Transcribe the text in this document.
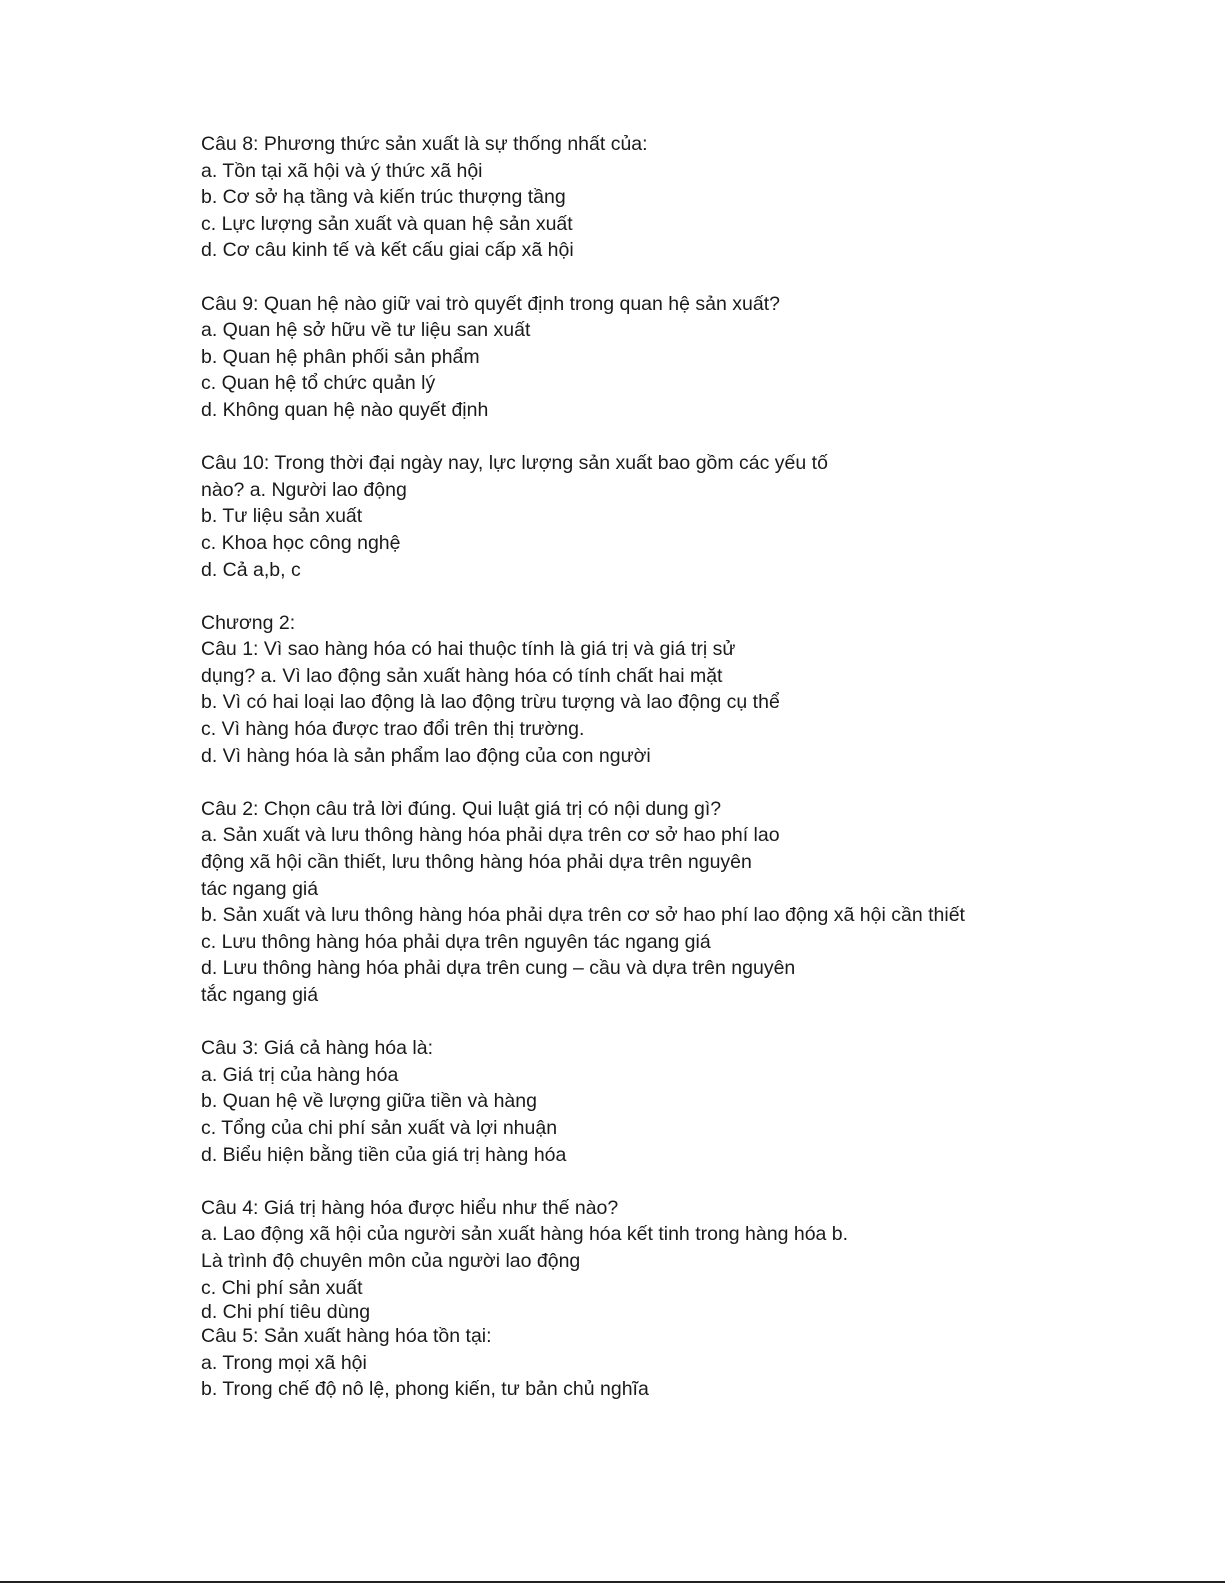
Câu 8: Phương thức sản xuất là sự thống nhất của:

a. Tồn tại xã hội và ý thức xã hội

b. Cơ sở hạ tầng và kiến trúc thượng tầng

c. Lực lượng sản xuất và quan hệ sản xuất

d. Cơ câu kinh tế và kết cấu giai cấp xã hội

Câu 9: Quan hệ nào giữ vai trò quyết định trong quan hệ sản xuất?

a. Quan hệ sở hữu về tư liệu san xuất

b. Quan hệ phân phối sản phẩm

c. Quan hệ tổ chức quản lý

d. Không quan hệ nào quyết định

Câu 10: Trong thời đại ngày nay, lực lượng sản xuất bao gồm các yếu tố

nào? a. Người lao động

b. Tư liệu sản xuất

c. Khoa học công nghệ

d. Cả a,b, c

Chương 2:

Câu 1: Vì sao hàng hóa có hai thuộc tính là giá trị và giá trị sử

dụng? a. Vì lao động sản xuất hàng hóa có tính chất hai mặt

b. Vì có hai loại lao động là lao động trừu tượng và lao động cụ thể

c. Vì hàng hóa được trao đổi trên thị trường.

d. Vì hàng hóa là sản phẩm lao động của con người

Câu 2: Chọn câu trả lời đúng. Qui luật giá trị có nội dung gì?

a. Sản xuất và lưu thông hàng hóa phải dựa trên cơ sở hao phí lao

động xã hội cần thiết, lưu thông hàng hóa phải dựa trên nguyên

tác ngang giá

b. Sản xuất và lưu thông hàng hóa phải dựa trên cơ sở hao phí lao động xã hội cần thiết

c. Lưu thông hàng hóa phải dựa trên nguyên tác ngang giá

d. Lưu thông hàng hóa phải dựa trên cung – cầu và dựa trên nguyên

tắc ngang giá

Câu 3: Giá cả hàng hóa là:

a. Giá trị của hàng hóa

b. Quan hệ về lượng giữa tiền và hàng

c. Tổng của chi phí sản xuất và lợi nhuận

d. Biểu hiện bằng tiền của giá trị hàng hóa

Câu 4: Giá trị hàng hóa được hiểu như thế nào?

a. Lao động xã hội của người sản xuất hàng hóa kết tinh trong hàng hóa b.

Là trình độ chuyên môn của người lao động

c. Chi phí sản xuất

d. Chi phí tiêu dùng

Câu 5: Sản xuất hàng hóa tồn tại:

a. Trong mọi xã hội

b. Trong chế độ nô lệ, phong kiến, tư bản chủ nghĩa
